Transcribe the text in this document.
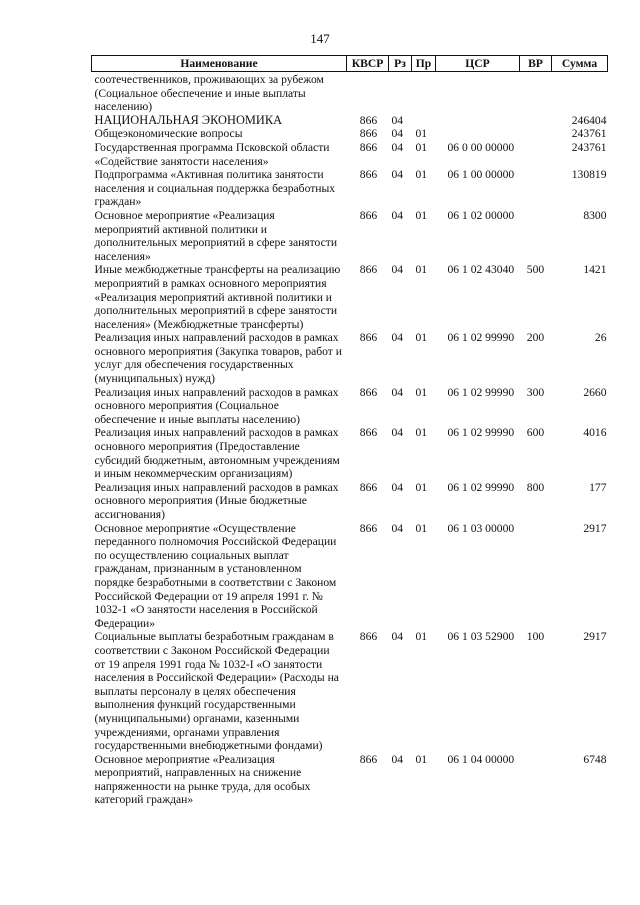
147
Наименование	КВСР	Рз	Пр	ЦСР	ВР	Сумма
соотечественников, проживающих за рубежом (Социальное обеспечение и иные выплаты населению)						
НАЦИОНАЛЬНАЯ ЭКОНОМИКА	866	04				246404
Общеэкономические вопросы	866	04	01			243761
Государственная программа Псковской области «Содействие занятости населения»	866	04	01	06 0 00 00000		243761
Подпрограмма «Активная политика занятости населения и социальная поддержка безработных граждан»	866	04	01	06 1 00 00000		130819
Основное мероприятие «Реализация мероприятий активной политики и дополнительных мероприятий в сфере занятости населения»	866	04	01	06 1 02 00000		8300
Иные межбюджетные трансферты на реализацию мероприятий в рамках основного мероприятия «Реализация мероприятий активной политики и дополнительных мероприятий в сфере занятости населения» (Межбюджетные трансферты)	866	04	01	06 1 02 43040	500	1421
Реализация иных направлений расходов в рамках основного мероприятия (Закупка товаров, работ и услуг для обеспечения государственных (муниципальных) нужд)	866	04	01	06 1 02 99990	200	26
Реализация иных направлений расходов в рамках основного мероприятия (Социальное обеспечение и иные выплаты населению)	866	04	01	06 1 02 99990	300	2660
Реализация иных направлений расходов в рамках основного мероприятия (Предоставление субсидий бюджетным, автономным учреждениям и иным некоммерческим организациям)	866	04	01	06 1 02 99990	600	4016
Реализация иных направлений расходов в рамках основного мероприятия (Иные бюджетные ассигнования)	866	04	01	06 1 02 99990	800	177
Основное мероприятие «Осуществление переданного полномочия Российской Федерации по осуществлению социальных выплат гражданам, признанным в установленном порядке безработными в соответствии с Законом Российской Федерации от 19 апреля 1991 г. № 1032-1 «О занятости населения в Российской Федерации»	866	04	01	06 1 03 00000		2917
Социальные выплаты безработным гражданам в соответствии с Законом Российской Федерации от 19 апреля 1991 года № 1032-I «О занятости населения в Российской Федерации» (Расходы на выплаты персоналу в целях обеспечения выполнения функций государственными (муниципальными) органами, казенными учреждениями, органами управления государственными внебюджетными фондами)	866	04	01	06 1 03 52900	100	2917
Основное мероприятие «Реализация мероприятий, направленных на снижение напряженности на рынке труда, для особых категорий граждан»	866	04	01	06 1 04 00000		6748
